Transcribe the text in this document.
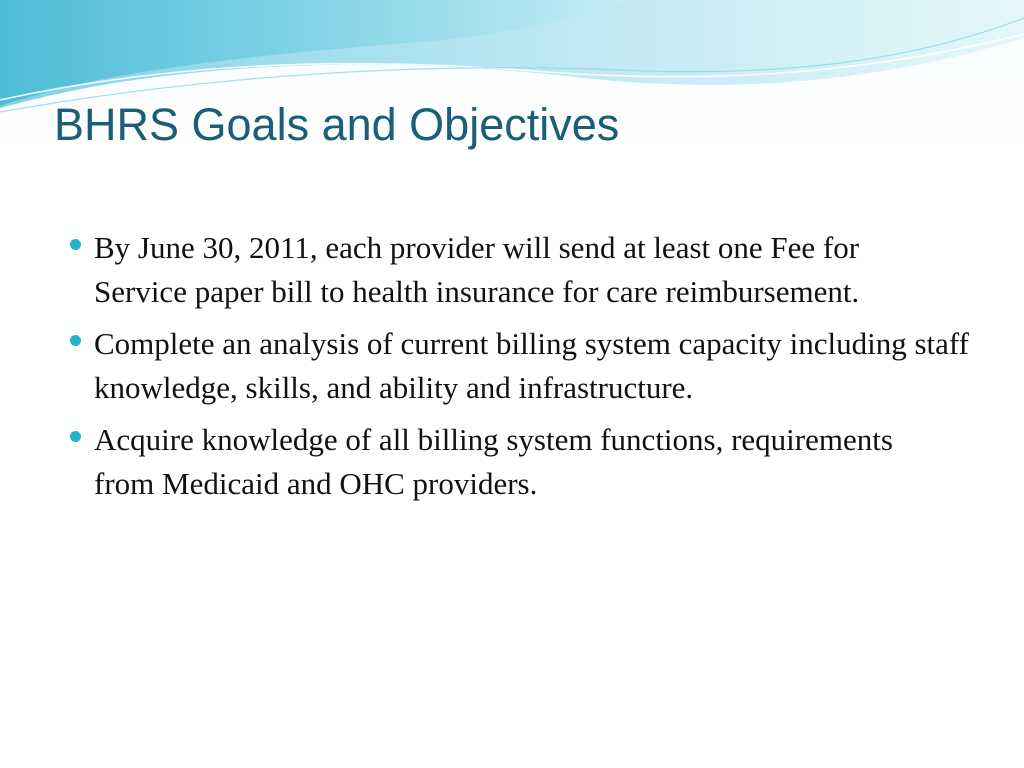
BHRS Goals and Objectives
By June 30, 2011, each provider will send at least one Fee for Service paper bill to health insurance for care reimbursement.
Complete an analysis of current billing system capacity including staff knowledge, skills, and ability and infrastructure.
Acquire knowledge of all billing system functions, requirements from Medicaid and OHC providers.
